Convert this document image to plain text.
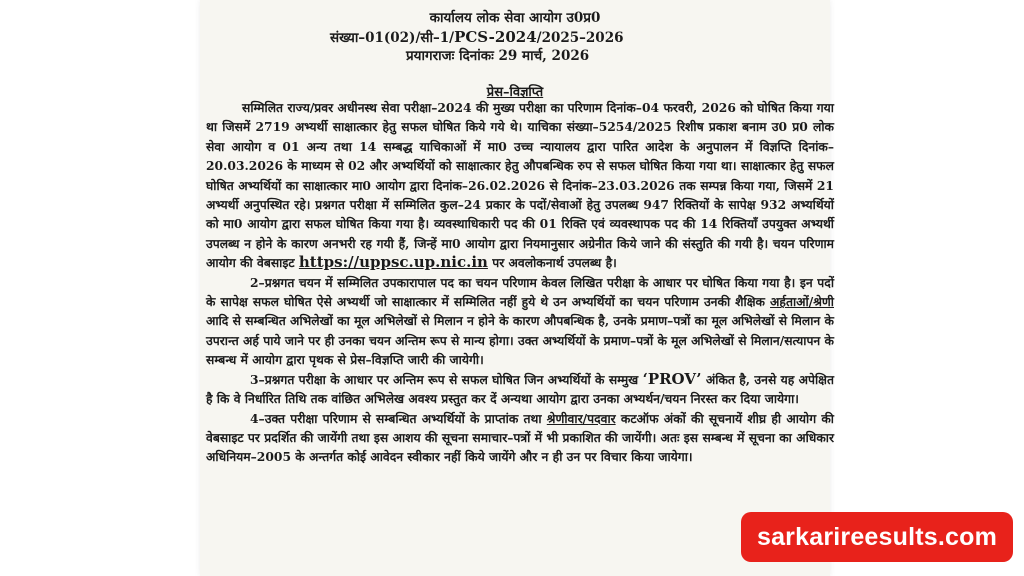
कार्यालय लोक सेवा आयोग उ0प्र0
संख्या–01(02)/सी–1/PCS-2024/2025–2026
प्रयागराजः दिनांकः 29 मार्च, 2026
प्रेस–विज्ञप्ति

सम्मिलित राज्य/प्रवर अधीनस्थ सेवा परीक्षा–2024 की मुख्य परीक्षा का परिणाम दिनांक–04 फरवरी, 2026 को घोषित किया गया था जिसमें 2719 अभ्यर्थी साक्षात्कार हेतु सफल घोषित किये गये थे। याचिका संख्या–5254/2025 रिशीष प्रकाश बनाम उ0 प्र0 लोक सेवा आयोग व 01 अन्य तथा 14 सम्बद्ध याचिकाओं में मा0 उच्च न्यायालय द्वारा पारित आदेश के अनुपालन में विज्ञप्ति दिनांक–20.03.2026 के माध्यम से 02 और अभ्यर्थियों को साक्षात्कार हेतु औपबन्धिक रुप से सफल घोषित किया गया था। साक्षात्कार हेतु सफल घोषित अभ्यर्थियों का साक्षात्कार मा0 आयोग द्वारा दिनांक–26.02.2026 से दिनांक–23.03.2026 तक सम्पन्न किया गया, जिसमें 21 अभ्यर्थी अनुपस्थित रहे। प्रश्नगत परीक्षा में सम्मिलित कुल–24 प्रकार के पदों/सेवाओं हेतु उपलब्ध 947 रिक्तियों के सापेक्ष 932 अभ्यर्थियों को मा0 आयोग द्वारा सफल घोषित किया गया है। व्यवस्थाधिकारी पद की 01 रिक्ति एवं व्यवस्थापक पद की 14 रिक्तियाँ उपयुक्त अभ्यर्थी उपलब्ध न होने के कारण अनभरी रह गयी हैं, जिन्हें मा0 आयोग द्वारा नियमानुसार अग्रेनीत किये जाने की संस्तुति की गयी है। चयन परिणाम आयोग की वेबसाइट https://uppsc.up.nic.in पर अवलोकनार्थ उपलब्ध है।

2–प्रश्नगत चयन में सम्मिलित उपकारापाल पद का चयन परिणाम केवल लिखित परीक्षा के आधार पर घोषित किया गया है। इन पदों के सापेक्ष सफल घोषित ऐसे अभ्यर्थी जो साक्षात्कार में सम्मिलित नहीं हुये थे उन अभ्यर्थियों का चयन परिणाम उनकी शैक्षिक अर्हताओं/श्रेणी आदि से सम्बन्धित अभिलेखों का मूल अभिलेखों से मिलान न होने के कारण औपबन्धिक है, उनके प्रमाण–पत्रों का मूल अभिलेखों से मिलान के उपरान्त अर्ह पाये जाने पर ही उनका चयन अन्तिम रूप से मान्य होगा। उक्त अभ्यर्थियों के प्रमाण–पत्रों के मूल अभिलेखों से मिलान/सत्यापन के सम्बन्ध में आयोग द्वारा पृथक से प्रेस–विज्ञप्ति जारी की जायेगी।

3–प्रश्नगत परीक्षा के आधार पर अन्तिम रूप से सफल घोषित जिन अभ्यर्थियों के सम्मुख ‘PROV’ अंकित है, उनसे यह अपेक्षित है कि वे निर्धारित तिथि तक वांछित अभिलेख अवश्य प्रस्तुत कर दें अन्यथा आयोग द्वारा उनका अभ्यर्थन/चयन निरस्त कर दिया जायेगा।

4–उक्त परीक्षा परिणाम से सम्बन्धित अभ्यर्थियों के प्राप्तांक तथा श्रेणीवार/पदवार कटऑफ अंकों की सूचनायें शीघ्र ही आयोग की वेबसाइट पर प्रदर्शित की जायेंगी तथा इस आशय की सूचना समाचार–पत्रों में भी प्रकाशित की जायेंगी। अतः इस सम्बन्ध में सूचना का अधिकार अधिनियम–2005 के अन्तर्गत कोई आवेदन स्वीकार नहीं किये जायेंगे और न ही उन पर विचार किया जायेगा।

sarkarireesults.com
